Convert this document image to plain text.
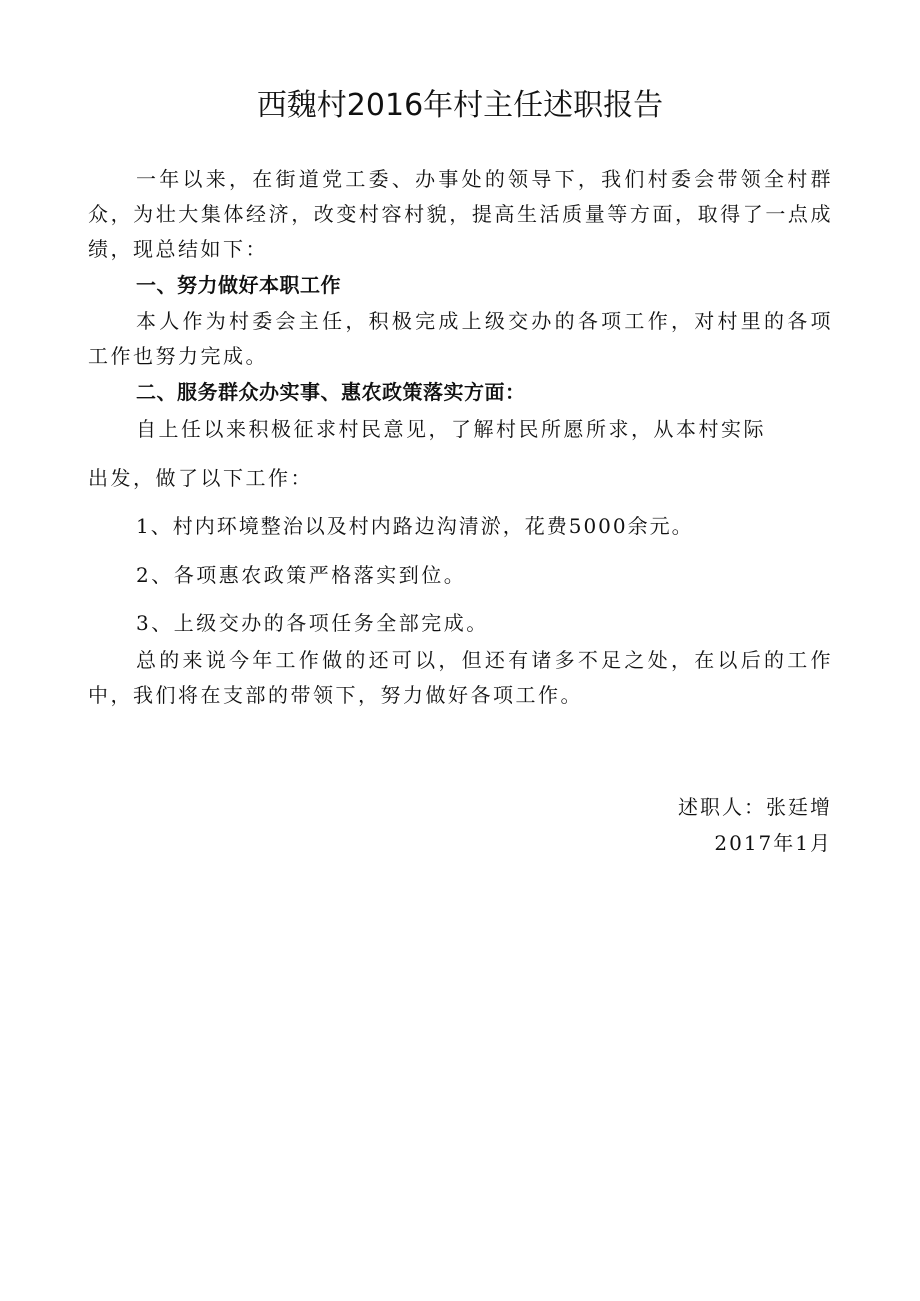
西魏村2016年村主任述职报告

一年以来，在街道党工委、办事处的领导下，我们村委会带领全村群众，为壮大集体经济，改变村容村貌，提高生活质量等方面，取得了一点成绩，现总结如下：

一、努力做好本职工作

本人作为村委会主任，积极完成上级交办的各项工作，对村里的各项工作也努力完成。

二、服务群众办实事、惠农政策落实方面：

自上任以来积极征求村民意见，了解村民所愿所求，从本村实际

出发，做了以下工作：

1、村内环境整治以及村内路边沟清淤，花费5000余元。

2、各项惠农政策严格落实到位。

3、上级交办的各项任务全部完成。

总的来说今年工作做的还可以，但还有诸多不足之处，在以后的工作中，我们将在支部的带领下，努力做好各项工作。

述职人：张廷增

2017年1月
